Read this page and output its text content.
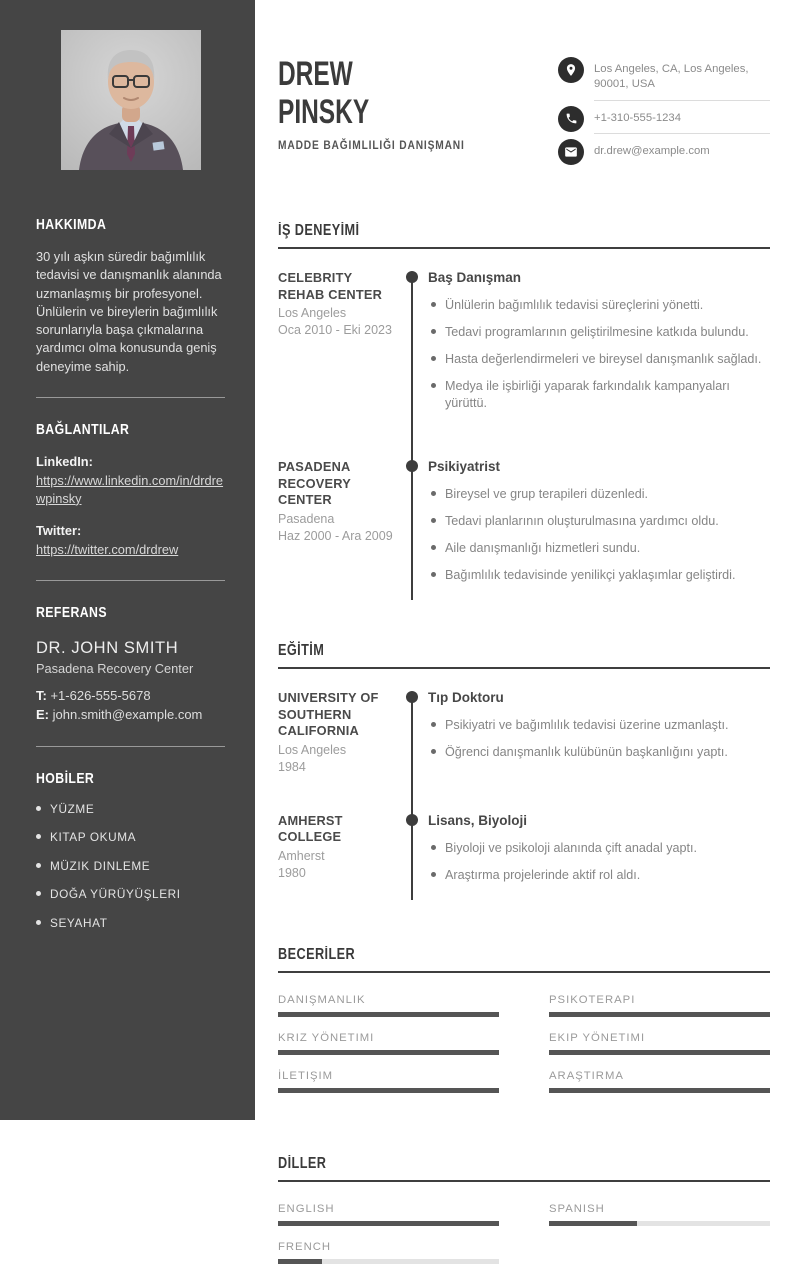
HAKKIMDA

30 yılı aşkın süredir bağımlılık tedavisi ve danışmanlık alanında uzmanlaşmış bir profesyonel. Ünlülerin ve bireylerin bağımlılık sorunlarıyla başa çıkmalarına yardımcı olma konusunda geniş deneyime sahip.

BAĞLANTILAR
LinkedIn:
https://www.linkedin.com/in/drdrewpinsky
Twitter:
https://twitter.com/drdrew
REFERANS
DR. JOHN SMITH
Pasadena Recovery Center
T: +1-626-555-5678
E: john.smith@example.com
HOBİLER
YÜZME
KITAP OKUMA
MÜZIK DINLEME
DOĞA YÜRÜYÜŞLERI
SEYAHAT
DREW
PINSKY
MADDE BAĞIMLILIĞI DANIŞMANI
Los Angeles, CA, Los Angeles, 90001, USA
+1-310-555-1234
dr.drew@example.com
İŞ DENEYİMİ
CELEBRITY REHAB CENTER
Los Angeles
Oca 2010 - Eki 2023
Baş Danışman
Ünlülerin bağımlılık tedavisi süreçlerini yönetti.
Tedavi programlarının geliştirilmesine katkıda bulundu.
Hasta değerlendirmeleri ve bireysel danışmanlık sağladı.
Medya ile işbirliği yaparak farkındalık kampanyaları yürüttü.
PASADENA RECOVERY CENTER
Pasadena
Haz 2000 - Ara 2009
Psikiyatrist
Bireysel ve grup terapileri düzenledi.
Tedavi planlarının oluşturulmasına yardımcı oldu.
Aile danışmanlığı hizmetleri sundu.
Bağımlılık tedavisinde yenilikçi yaklaşımlar geliştirdi.
EĞİTİM
UNIVERSITY OF SOUTHERN CALIFORNIA
Los Angeles
1984
Tıp Doktoru
Psikiyatri ve bağımlılık tedavisi üzerine uzmanlaştı.
Öğrenci danışmanlık kulübünün başkanlığını yaptı.
AMHERST COLLEGE
Amherst
1980
Lisans, Biyoloji
Biyoloji ve psikoloji alanında çift anadal yaptı.
Araştırma projelerinde aktif rol aldı.
BECERİLER
DANIŞMANLIK	PSIKOTERAPI
KRIZ YÖNETIMI	EKIP YÖNETIMI
İLETIŞIM	ARAŞTIRMA
DİLLER
ENGLISH	SPANISH
FRENCH
